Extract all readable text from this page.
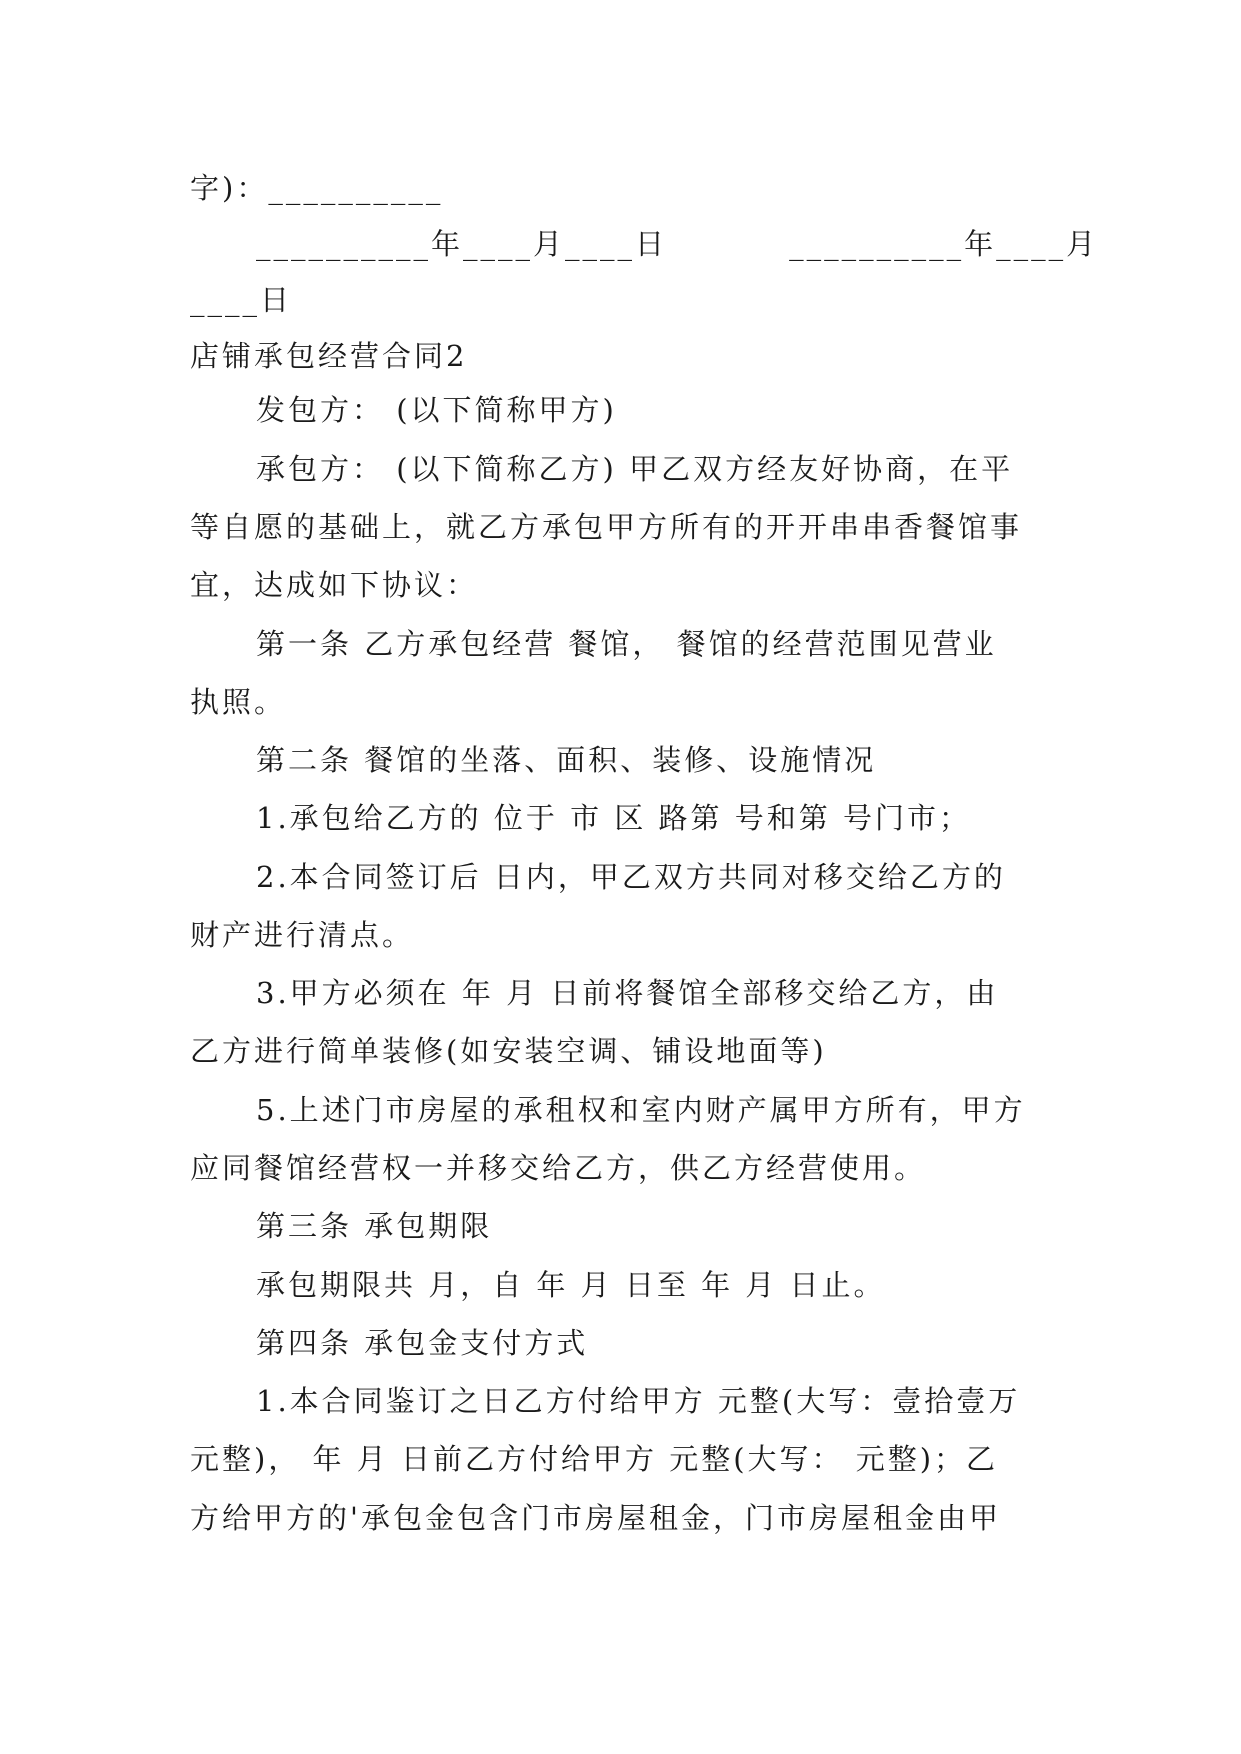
字)：__________
__________年____月____日          __________年____月
____日
店铺承包经营合同2
发包方： (以下简称甲方)
承包方： (以下简称乙方) 甲乙双方经友好协商，在平
等自愿的基础上，就乙方承包甲方所有的开开串串香餐馆事
宜，达成如下协议：
第一条 乙方承包经营 餐馆， 餐馆的经营范围见营业
执照。
第二条 餐馆的坐落、面积、装修、设施情况
1.承包给乙方的 位于 市 区 路第 号和第 号门市；
2.本合同签订后 日内，甲乙双方共同对移交给乙方的
财产进行清点。
3.甲方必须在 年 月 日前将餐馆全部移交给乙方，由
乙方进行简单装修(如安装空调、铺设地面等)
5.上述门市房屋的承租权和室内财产属甲方所有，甲方
应同餐馆经营权一并移交给乙方，供乙方经营使用。
第三条 承包期限
承包期限共 月，自 年 月 日至 年 月 日止。
第四条 承包金支付方式
1.本合同鉴订之日乙方付给甲方 元整(大写：壹拾壹万
元整)， 年 月 日前乙方付给甲方 元整(大写： 元整)；乙
方给甲方的'承包金包含门市房屋租金，门市房屋租金由甲
